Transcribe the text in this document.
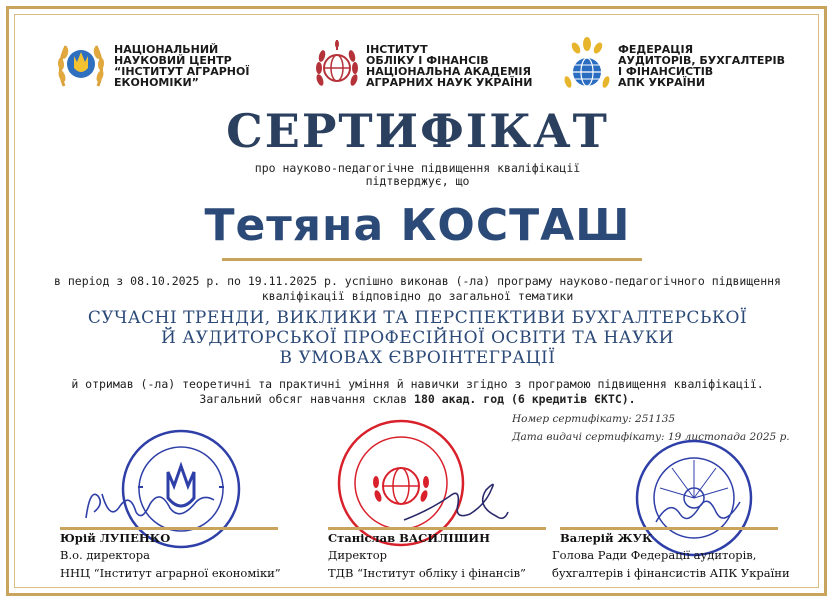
НАЦІОНАЛЬНИЙ
НАУКОВИЙ ЦЕНТР
“ІНСТИТУТ АГРАРНОЇ
ЕКОНОМІКИ”
ІНСТИТУТ
ОБЛІКУ І ФІНАНСІВ
НАЦІОНАЛЬНА АКАДЕМІЯ
АГРАРНИХ НАУК УКРАЇНИ
ФЕДЕРАЦІЯ
АУДИТОРІВ, БУХГАЛТЕРІВ
І ФІНАНСИСТІВ
АПК УКРАЇНИ
СЕРТИФІКАТ
про науково-педагогічне підвищення кваліфікації
підтверджує, що
Тетяна КОСТАШ
в період з 08.10.2025 р. по 19.11.2025 р. успішно виконав (-ла) програму науково-педагогічного підвищення
кваліфікації відповідно до загальної тематики
СУЧАСНІ ТРЕНДИ, ВИКЛИКИ ТА ПЕРСПЕКТИВИ БУХГАЛТЕРСЬКОЇ
Й АУДИТОРСЬКОЇ ПРОФЕСІЙНОЇ ОСВІТИ ТА НАУКИ
В УМОВАХ ЄВРОІНТЕГРАЦІЇ
й отримав (-ла) теоретичні та практичні уміння й навички згідно з програмою підвищення кваліфікації.
Загальний обсяг навчання склав 180 акад. год (6 кредитів ЄКТС).
Номер сертифікату: 251135
Дата видачі сертифікату: 19 листопада 2025 р.
Юрій ЛУПЕНКО
В.о. директора
ННЦ “Інститут аграрної економіки”
Станіслав ВАСИЛІШИН
Директор
ТДВ “Інститут обліку і фінансів”
Валерій ЖУК
Голова Ради Федерації аудиторів,
бухгалтерів і фінансистів АПК України
